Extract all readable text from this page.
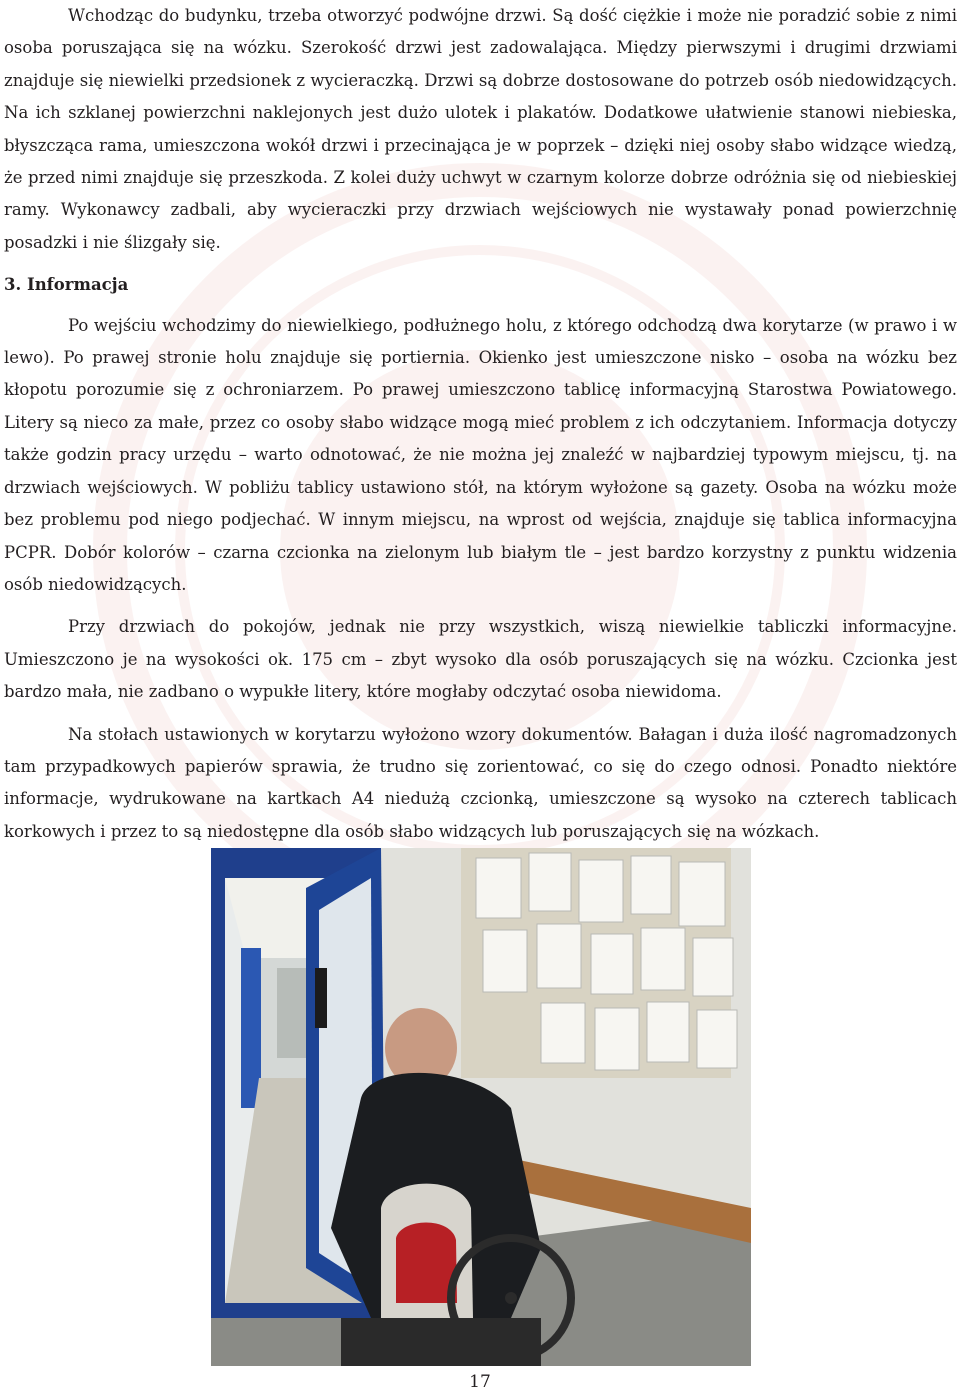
Wchodząc do budynku, trzeba otworzyć podwójne drzwi. Są dość ciężkie i może nie poradzić sobie z nimi osoba poruszająca się na wózku. Szerokość drzwi jest zadowalająca. Między pierwszymi i drugimi drzwiami znajduje się niewielki przedsionek z wycieraczką. Drzwi są dobrze dostosowane do potrzeb osób niedowidzących. Na ich szklanej powierzchni naklejonych jest dużo ulotek i plakatów. Dodatkowe ułatwienie stanowi niebieska, błyszcząca rama, umieszczona wokół drzwi i przecinająca je w poprzek – dzięki niej osoby słabo widzące wiedzą, że przed nimi znajduje się przeszkoda. Z kolei duży uchwyt w czarnym kolorze dobrze odróżnia się od niebieskiej ramy. Wykonawcy zadbali, aby wycieraczki przy drzwiach wejściowych nie wystawały ponad powierzchnię posadzki i nie ślizgały się.

3. Informacja

Po wejściu wchodzimy do niewielkiego, podłużnego holu, z którego odchodzą dwa korytarze (w prawo i w lewo). Po prawej stronie holu znajduje się portiernia. Okienko jest umieszczone nisko – osoba na wózku bez kłopotu porozumie się z ochroniarzem. Po prawej umieszczono tablicę informacyjną Starostwa Powiatowego. Litery są nieco za małe, przez co osoby słabo widzące mogą mieć problem z ich odczytaniem. Informacja dotyczy także godzin pracy urzędu – warto odnotować, że nie można jej znaleźć w najbardziej typowym miejscu, tj. na drzwiach wejściowych. W pobliżu tablicy ustawiono stół, na którym wyłożone są gazety. Osoba na wózku może bez problemu pod niego podjechać. W innym miejscu, na wprost od wejścia, znajduje się tablica informacyjna PCPR. Dobór kolorów – czarna czcionka na zielonym lub białym tle – jest bardzo korzystny z punktu widzenia osób niedowidzących.

Przy drzwiach do pokojów, jednak nie przy wszystkich, wiszą niewielkie tabliczki informacyjne. Umieszczono je na wysokości ok. 175 cm – zbyt wysoko dla osób poruszających się na wózku. Czcionka jest bardzo mała, nie zadbano o wypukłe litery, które mogłaby odczytać osoba niewidoma.

Na stołach ustawionych w korytarzu wyłożono wzory dokumentów. Bałagan i duża ilość nagromadzonych tam przypadkowych papierów sprawia, że trudno się zorientować, co się do czego odnosi. Ponadto niektóre informacje, wydrukowane na kartkach A4 niedużą czcionką, umieszczone są wysoko na czterech tablicach korkowych i przez to są niedostępne dla osób słabo widzących lub poruszających się na wózkach.

17
